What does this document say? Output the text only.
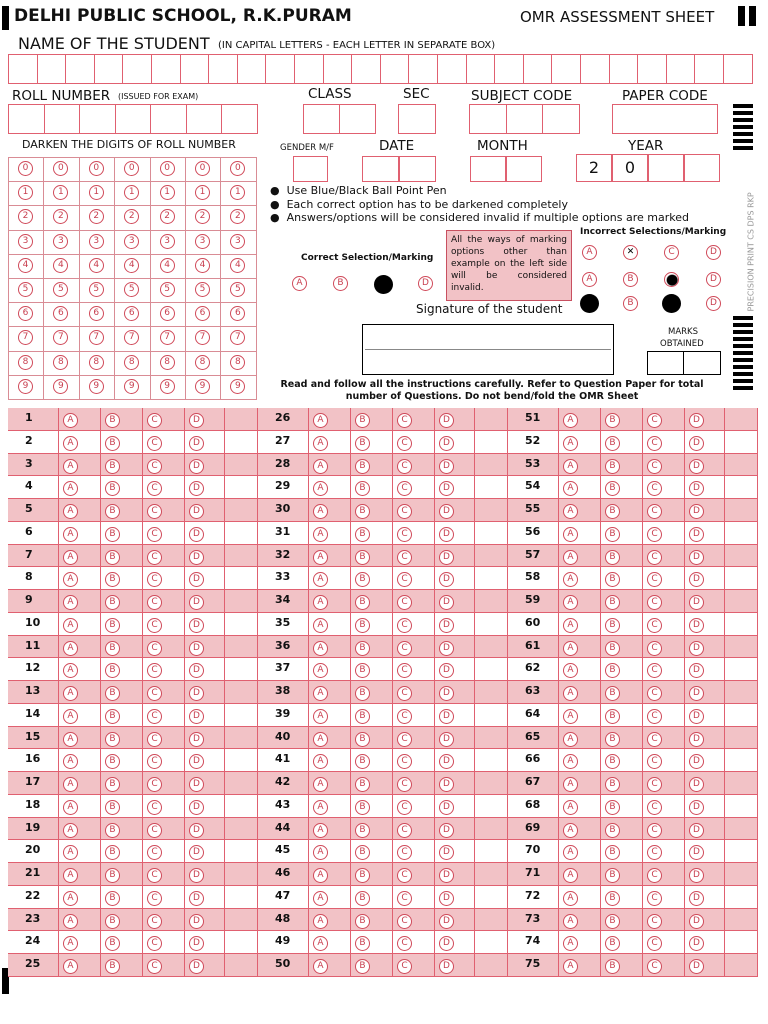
DELHI PUBLIC SCHOOL, R.K.PURAM	OMR ASSESSMENT SHEET
NAME OF THE STUDENT (IN CAPITAL LETTERS - EACH LETTER IN SEPARATE BOX)
ROLL NUMBER (ISSUED FOR EXAM)	CLASS	SEC	SUBJECT CODE	PAPER CODE
PRECISION PRINT CS DPS RKP
DARKEN THE DIGITS OF ROLL NUMBER
0	0	0	0	0	0	0
1	1	1	1	1	1	1
2	2	2	2	2	2	2
3	3	3	3	3	3	3
4	4	4	4	4	4	4
5	5	5	5	5	5	5
6	6	6	6	6	6	6
7	7	7	7	7	7	7
8	8	8	8	8	8	8
9	9	9	9	9	9	9
GENDER M/F	DATE	MONTH	YEAR
2	0
●  Use Blue/Black Ball Point Pen
●  Each correct option has to be darkened completely
●  Answers/options will be considered invalid if multiple options are marked
Correct Selection/Marking
Incorrect Selections/Marking
A	B	D
All the ways of marking options other than example on the left side will be considered invalid.
A	✕	C	D
A	B	D
B	D
Signature of the student
MARKS
OBTAINED
Read and follow all the instructions carefully. Refer to Question Paper for total
number of Questions. Do not bend/fold the OMR Sheet
1	A	B	C	D
2	A	B	C	D
3	A	B	C	D
4	A	B	C	D
5	A	B	C	D
6	A	B	C	D
7	A	B	C	D
8	A	B	C	D
9	A	B	C	D
10	A	B	C	D
11	A	B	C	D
12	A	B	C	D
13	A	B	C	D
14	A	B	C	D
15	A	B	C	D
16	A	B	C	D
17	A	B	C	D
18	A	B	C	D
19	A	B	C	D
20	A	B	C	D
21	A	B	C	D
22	A	B	C	D
23	A	B	C	D
24	A	B	C	D
25	A	B	C	D
26	A	B	C	D
27	A	B	C	D
28	A	B	C	D
29	A	B	C	D
30	A	B	C	D
31	A	B	C	D
32	A	B	C	D
33	A	B	C	D
34	A	B	C	D
35	A	B	C	D
36	A	B	C	D
37	A	B	C	D
38	A	B	C	D
39	A	B	C	D
40	A	B	C	D
41	A	B	C	D
42	A	B	C	D
43	A	B	C	D
44	A	B	C	D
45	A	B	C	D
46	A	B	C	D
47	A	B	C	D
48	A	B	C	D
49	A	B	C	D
50	A	B	C	D
51	A	B	C	D
52	A	B	C	D
53	A	B	C	D
54	A	B	C	D
55	A	B	C	D
56	A	B	C	D
57	A	B	C	D
58	A	B	C	D
59	A	B	C	D
60	A	B	C	D
61	A	B	C	D
62	A	B	C	D
63	A	B	C	D
64	A	B	C	D
65	A	B	C	D
66	A	B	C	D
67	A	B	C	D
68	A	B	C	D
69	A	B	C	D
70	A	B	C	D
71	A	B	C	D
72	A	B	C	D
73	A	B	C	D
74	A	B	C	D
75	A	B	C	D
